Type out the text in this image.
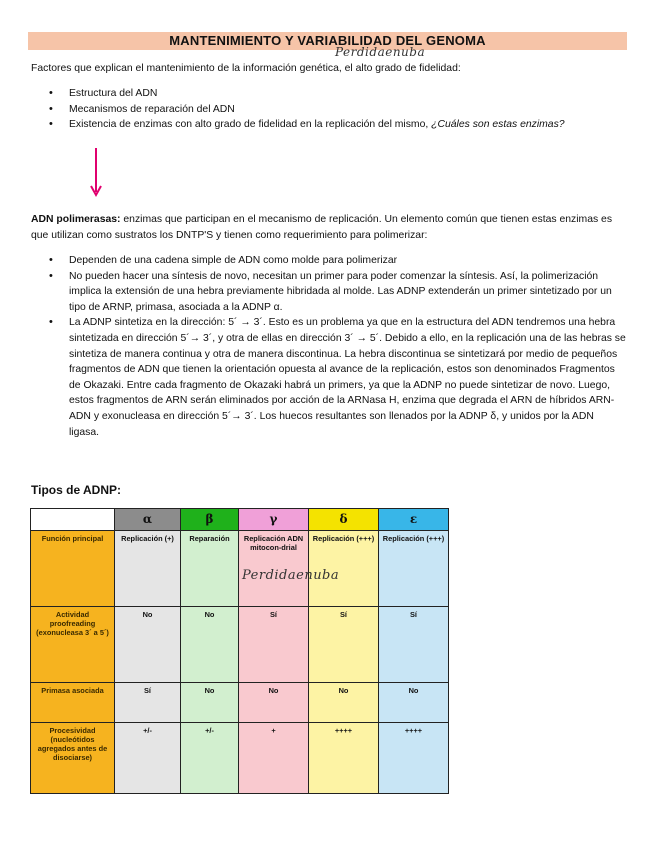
MANTENIMIENTO Y VARIABILIDAD DEL GENOMA
Perdidaenuba
Factores que explican el mantenimiento de la información genética, el alto grado de fidelidad:
• Estructura del ADN
• Mecanismos de reparación del ADN
• Existencia de enzimas con alto grado de fidelidad en la replicación del mismo, ¿Cuáles son estas enzimas?
ADN polimerasas: enzimas que participan en el mecanismo de replicación. Un elemento común que tienen estas enzimas es que utilizan como sustratos los DNTP'S y tienen como requerimiento para polimerizar:
• Dependen de una cadena simple de ADN como molde para polimerizar
• No pueden hacer una síntesis de novo, necesitan un primer para poder comenzar la síntesis. Así, la polimerización implica la extensión de una hebra previamente hibridada al molde. Las ADNP extenderán un primer sintetizado por un tipo de ARNP, primasa, asociada a la ADNP α.
• La ADNP sintetiza en la dirección: 5´ → 3´. Esto es un problema ya que en la estructura del ADN tendremos una hebra sintetizada en dirección 5´→ 3´, y otra de ellas en dirección 3´ → 5´. Debido a ello, en la replicación una de las hebras se sintetiza de manera continua y otra de manera discontinua. La hebra discontinua se sintetizará por medio de pequeños fragmentos de ADN que tienen la orientación opuesta al avance de la replicación, estos son denominados Fragmentos de Okazaki. Entre cada fragmento de Okazaki habrá un primers, ya que la ADNP no puede sintetizar de novo. Luego, estos fragmentos de ARN serán eliminados por acción de la ARNasa H, enzima que degrada el ARN de híbridos ARN-ADN y exonucleasa en dirección 5´→ 3´. Los huecos resultantes son llenados por la ADNP δ, y unidos por la ADN ligasa.
Tipos de ADNP:
	α	β	γ	δ	ε
Función principal	Replicación (+)	Reparación	Replicación ADN mitocon-drial	Replicación (+++)	Replicación (+++)
Actividad proofreading (exonucleasa 3´ a 5´)	No	No	Sí	Sí	Sí
Primasa asociada	Sí	No	No	No	No
Procesividad (nucleótidos agregados antes de disociarse)	+/-	+/-	+	++++	++++
Perdidaenuba
